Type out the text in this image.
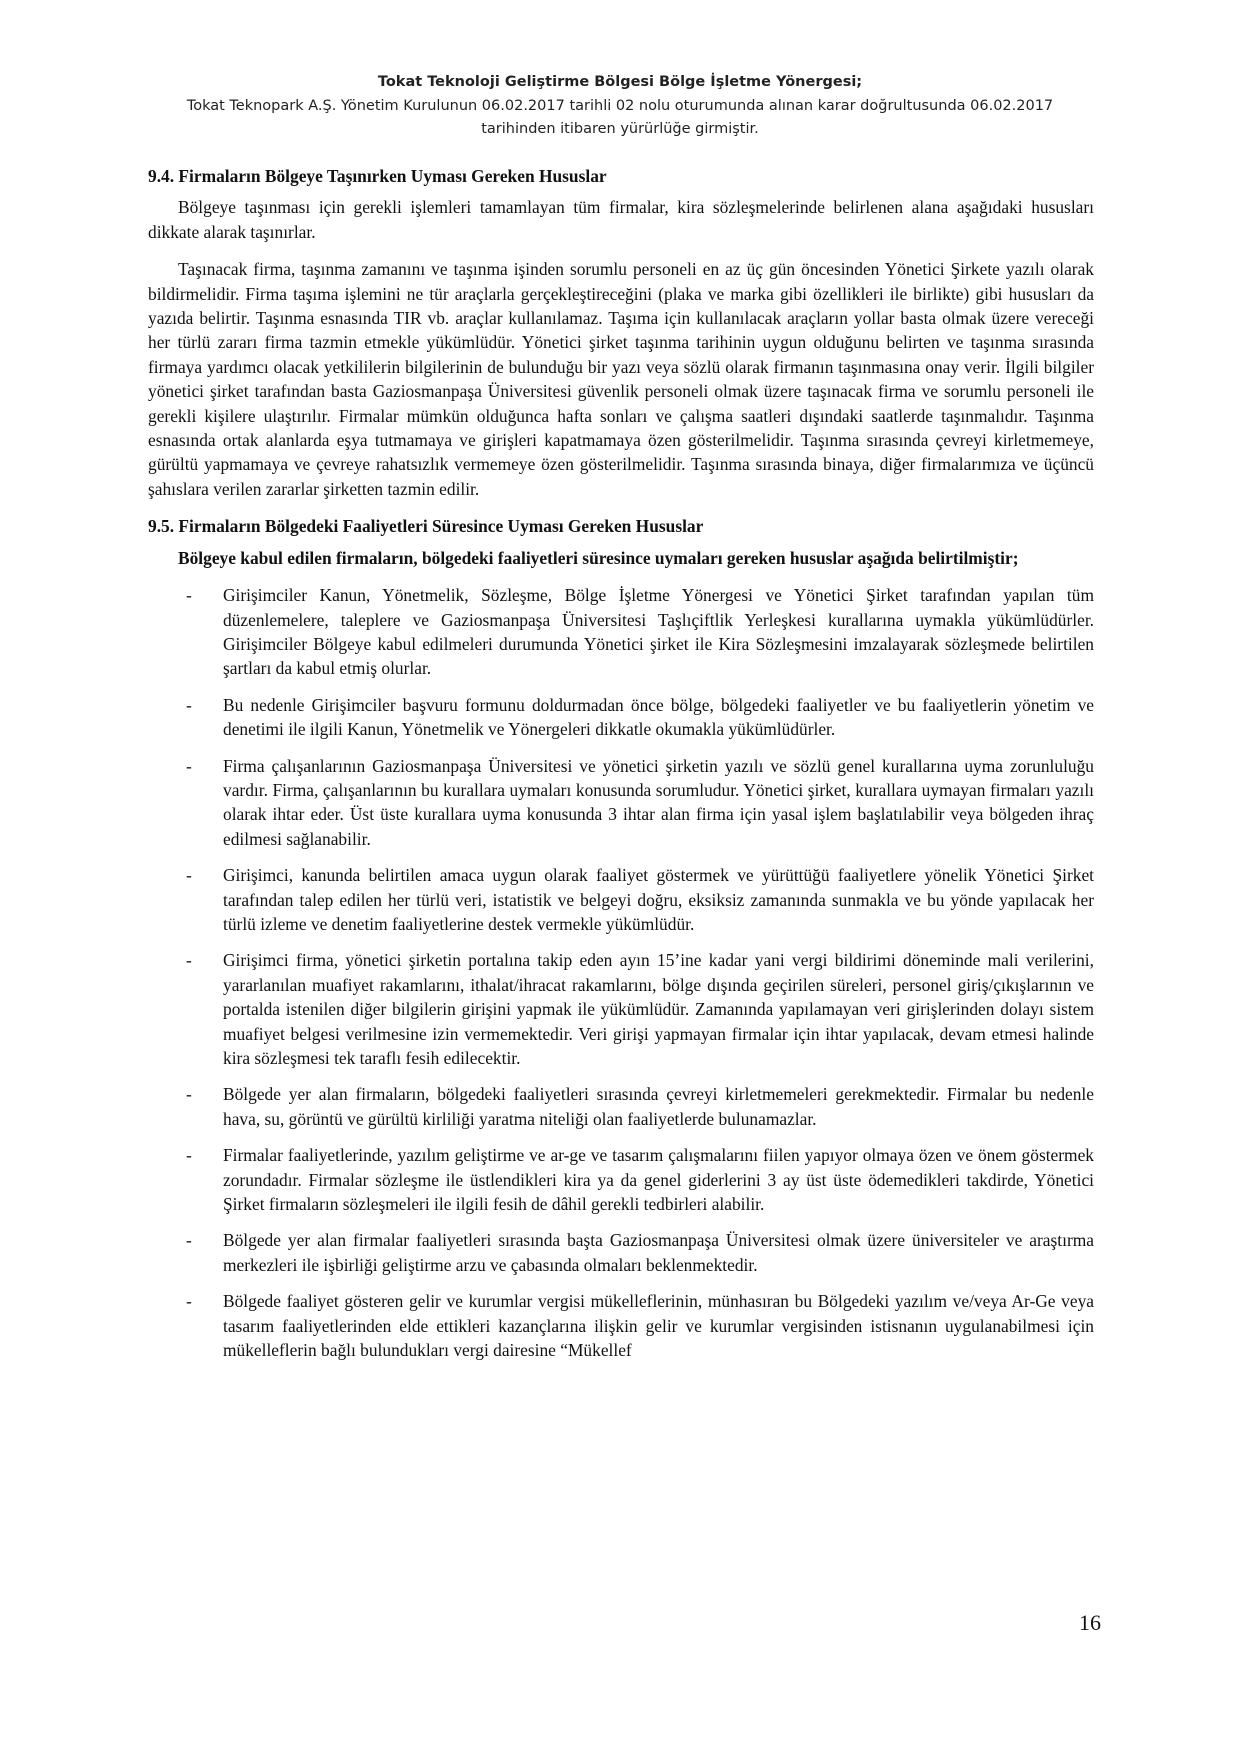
Tokat Teknoloji Geliştirme Bölgesi Bölge İşletme Yönergesi;
Tokat Teknopark A.Ş. Yönetim Kurulunun 06.02.2017 tarihli 02 nolu oturumunda alınan karar doğrultusunda 06.02.2017
tarihinden itibaren yürürlüğe girmiştir.
9.4. Firmaların Bölgeye Taşınırken Uyması Gereken Hususlar

Bölgeye taşınması için gerekli işlemleri tamamlayan tüm firmalar, kira sözleşmelerinde belirlenen alana aşağıdaki hususları dikkate alarak taşınırlar.

Taşınacak firma, taşınma zamanını ve taşınma işinden sorumlu personeli en az üç gün öncesinden Yönetici Şirkete yazılı olarak bildirmelidir. Firma taşıma işlemini ne tür araçlarla gerçekleştireceğini (plaka ve marka gibi özellikleri ile birlikte) gibi hususları da yazıda belirtir. Taşınma esnasında TIR vb. araçlar kullanılamaz. Taşıma için kullanılacak araçların yollar basta olmak üzere vereceği her türlü zararı firma tazmin etmekle yükümlüdür. Yönetici şirket taşınma tarihinin uygun olduğunu belirten ve taşınma sırasında firmaya yardımcı olacak yetkililerin bilgilerinin de bulunduğu bir yazı veya sözlü olarak firmanın taşınmasına onay verir. İlgili bilgiler yönetici şirket tarafından basta Gaziosmanpaşa Üniversitesi güvenlik personeli olmak üzere taşınacak firma ve sorumlu personeli ile gerekli kişilere ulaştırılır. Firmalar mümkün olduğunca hafta sonları ve çalışma saatleri dışındaki saatlerde taşınmalıdır. Taşınma esnasında ortak alanlarda eşya tutmamaya ve girişleri kapatmamaya özen gösterilmelidir. Taşınma sırasında çevreyi kirletmemeye, gürültü yapmamaya ve çevreye rahatsızlık vermemeye özen gösterilmelidir. Taşınma sırasında binaya, diğer firmalarımıza ve üçüncü şahıslara verilen zararlar şirketten tazmin edilir.

9.5. Firmaların Bölgedeki Faaliyetleri Süresince Uyması Gereken Hususlar

Bölgeye kabul edilen firmaların, bölgedeki faaliyetleri süresince uymaları gereken hususlar aşağıda belirtilmiştir;

- Girişimciler Kanun, Yönetmelik, Sözleşme, Bölge İşletme Yönergesi ve Yönetici Şirket tarafından yapılan tüm düzenlemelere, taleplere ve Gaziosmanpaşa Üniversitesi Taşlıçiftlik Yerleşkesi kurallarına uymakla yükümlüdürler. Girişimciler Bölgeye kabul edilmeleri durumunda Yönetici şirket ile Kira Sözleşmesini imzalayarak sözleşmede belirtilen şartları da kabul etmiş olurlar.
- Bu nedenle Girişimciler başvuru formunu doldurmadan önce bölge, bölgedeki faaliyetler ve bu faaliyetlerin yönetim ve denetimi ile ilgili Kanun, Yönetmelik ve Yönergeleri dikkatle okumakla yükümlüdürler.
- Firma çalışanlarının Gaziosmanpaşa Üniversitesi ve yönetici şirketin yazılı ve sözlü genel kurallarına uyma zorunluluğu vardır. Firma, çalışanlarının bu kurallara uymaları konusunda sorumludur. Yönetici şirket, kurallara uymayan firmaları yazılı olarak ihtar eder. Üst üste kurallara uyma konusunda 3 ihtar alan firma için yasal işlem başlatılabilir veya bölgeden ihraç edilmesi sağlanabilir.
- Girişimci, kanunda belirtilen amaca uygun olarak faaliyet göstermek ve yürüttüğü faaliyetlere yönelik Yönetici Şirket tarafından talep edilen her türlü veri, istatistik ve belgeyi doğru, eksiksiz zamanında sunmakla ve bu yönde yapılacak her türlü izleme ve denetim faaliyetlerine destek vermekle yükümlüdür.
- Girişimci firma, yönetici şirketin portalına takip eden ayın 15’ine kadar yani vergi bildirimi döneminde mali verilerini, yararlanılan muafiyet rakamlarını, ithalat/ihracat rakamlarını, bölge dışında geçirilen süreleri, personel giriş/çıkışlarının ve portalda istenilen diğer bilgilerin girişini yapmak ile yükümlüdür. Zamanında yapılamayan veri girişlerinden dolayı sistem muafiyet belgesi verilmesine izin vermemektedir. Veri girişi yapmayan firmalar için ihtar yapılacak, devam etmesi halinde kira sözleşmesi tek taraflı fesih edilecektir.
- Bölgede yer alan firmaların, bölgedeki faaliyetleri sırasında çevreyi kirletmemeleri gerekmektedir. Firmalar bu nedenle hava, su, görüntü ve gürültü kirliliği yaratma niteliği olan faaliyetlerde bulunamazlar.
- Firmalar faaliyetlerinde, yazılım geliştirme ve ar-ge ve tasarım çalışmalarını fiilen yapıyor olmaya özen ve önem göstermek zorundadır. Firmalar sözleşme ile üstlendikleri kira ya da genel giderlerini 3 ay üst üste ödemedikleri takdirde, Yönetici Şirket firmaların sözleşmeleri ile ilgili fesih de dâhil gerekli tedbirleri alabilir.
- Bölgede yer alan firmalar faaliyetleri sırasında başta Gaziosmanpaşa Üniversitesi olmak üzere üniversiteler ve araştırma merkezleri ile işbirliği geliştirme arzu ve çabasında olmaları beklenmektedir.
- Bölgede faaliyet gösteren gelir ve kurumlar vergisi mükelleflerinin, münhasıran bu Bölgedeki yazılım ve/veya Ar-Ge veya tasarım faaliyetlerinden elde ettikleri kazançlarına ilişkin gelir ve kurumlar vergisinden istisnanın uygulanabilmesi için mükelleflerin bağlı bulundukları vergi dairesine “Mükellef
16
